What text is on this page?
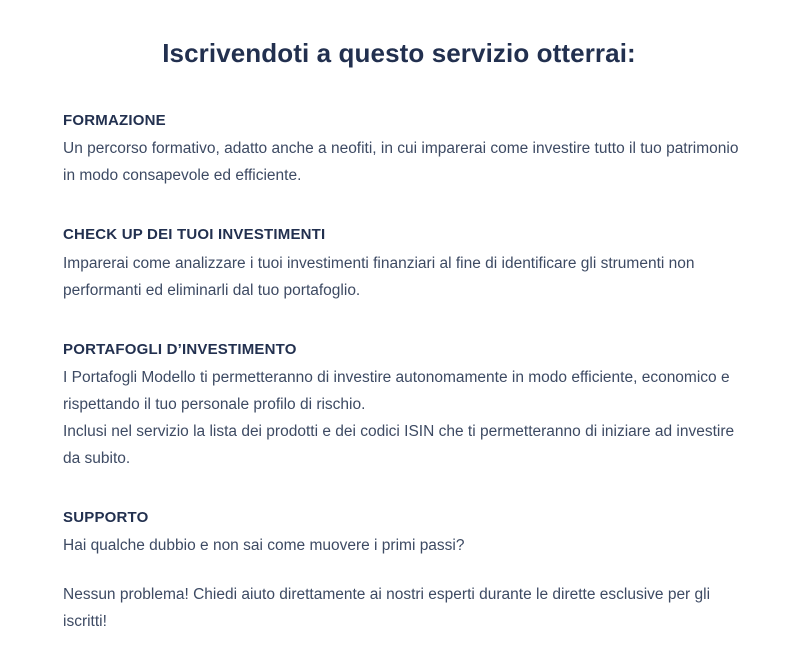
Iscrivendoti a questo servizio otterrai:
FORMAZIONE

Un percorso formativo, adatto anche a neofiti, in cui imparerai come investire tutto il tuo patrimonio in modo consapevole ed efficiente.

CHECK UP DEI TUOI INVESTIMENTI

Imparerai come analizzare i tuoi investimenti finanziari al fine di identificare gli strumenti non performanti ed eliminarli dal tuo portafoglio.

PORTAFOGLI D’INVESTIMENTO

I Portafogli Modello ti permetteranno di investire autonomamente in modo efficiente, economico e rispettando il tuo personale profilo di rischio.

Inclusi nel servizio la lista dei prodotti e dei codici ISIN che ti permetteranno di iniziare ad investire da subito.

SUPPORTO

Hai qualche dubbio e non sai come muovere i primi passi?

Nessun problema! Chiedi aiuto direttamente ai nostri esperti durante le dirette esclusive per gli iscritti!
